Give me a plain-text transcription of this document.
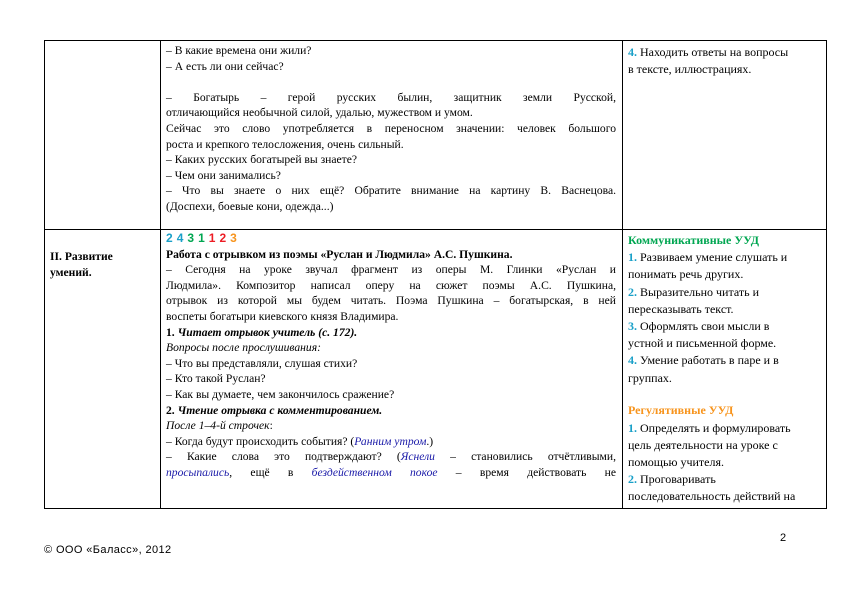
– В какие времена они жили?

– А есть ли они сейчас?

– Богатырь – герой русских былин, защитник земли Русской,

отличающийся необычной силой, удалью, мужеством и умом.

Сейчас это слово употребляется в переносном значении: человек большого

роста и крепкого телосложения, очень сильный.

– Каких русских богатырей вы знаете?

– Чем они занимались?

– Что вы знаете о них ещё? Обратите внимание на картину В. Васнецова.

(Доспехи, боевые кони, одежда...)

4. Находить ответы на вопросы

в тексте, иллюстрациях.

II. Развитие

умений.

2 4 3 1 1 2 3

Работа с отрывком из поэмы «Руслан и Людмила» А.С. Пушкина.

– Сегодня на уроке звучал фрагмент из оперы М. Глинки «Руслан и

Людмила». Композитор написал оперу на сюжет поэмы А.С. Пушкина,

отрывок из которой мы будем читать. Поэма Пушкина – богатырская, в ней

воспеты богатыри киевского князя Владимира.

1. Читает отрывок учитель (с. 172).

Вопросы после прослушивания:

– Что вы представляли, слушая стихи?

– Кто такой Руслан?

– Как вы думаете, чем закончилось сражение?

2. Чтение отрывка с комментированием.

После 1–4-й строчек:

– Когда будут происходить события? (Ранним утром.)

– Какие слова это подтверждают? (Яснели – становились отчётливыми,

просыпались, ещё в бездейственном покое – время действовать не

Коммуникативные УУД

1. Развиваем умение слушать и

понимать речь других.

2. Выразительно читать и

пересказывать текст.

3. Оформлять свои мысли в

устной и письменной форме.

4. Умение работать в паре и в

группах.

Регулятивные УУД

1. Определять и формулировать

цель деятельности на уроке с

помощью учителя.

2. Проговаривать

последовательность действий на

© ООО «Баласс», 2012
2
